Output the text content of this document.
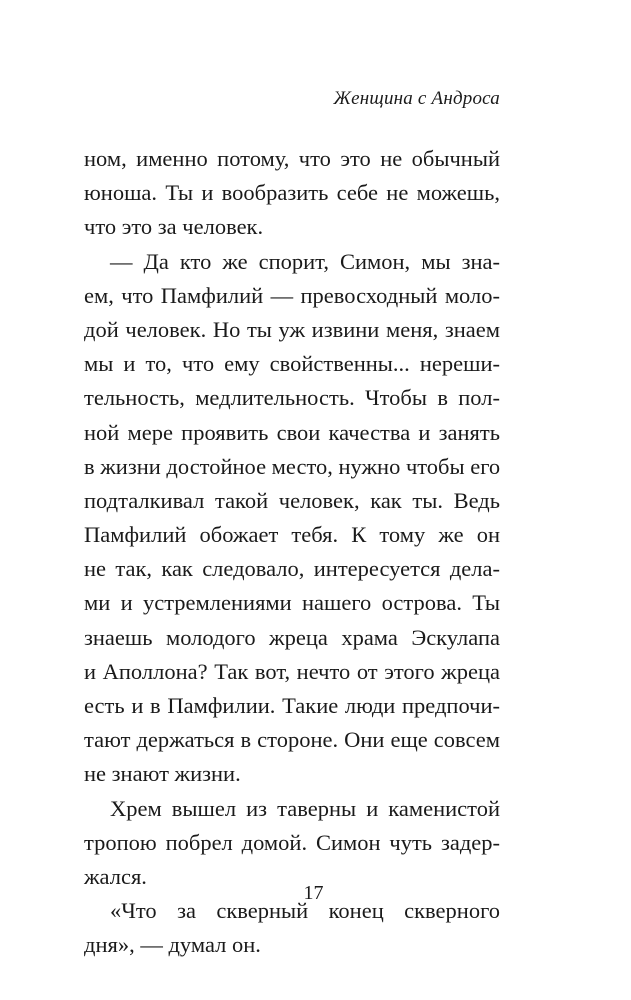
Женщина с Андроса
ном, именно потому, что это не обычный
юноша. Ты и вообразить себе не можешь,
что это за человек.
— Да кто же спорит, Симон, мы зна-
ем, что Памфилий — превосходный моло-
дой человек. Но ты уж извини меня, знаем
мы и то, что ему свойственны... нереши-
тельность, медлительность. Чтобы в пол-
ной мере проявить свои качества и занять
в жизни достойное место, нужно чтобы его
подталкивал такой человек, как ты. Ведь
Памфилий обожает тебя. К тому же он
не так, как следовало, интересуется дела-
ми и устремлениями нашего острова. Ты
знаешь молодого жреца храма Эскулапа
и Аполлона? Так вот, нечто от этого жреца
есть и в Памфилии. Такие люди предпочи-
тают держаться в стороне. Они еще совсем
не знают жизни.
Хрем вышел из таверны и каменистой
тропою побрел домой. Симон чуть задер-
жался.
«Что за скверный конец скверного
дня», — думал он.
17
